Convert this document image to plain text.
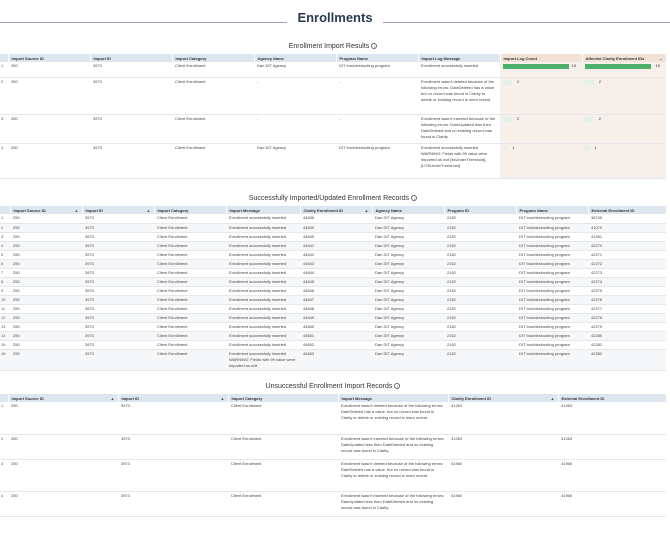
Enrollments
Enrollment Import Results i
	Import Source ID	Import ID	Import Category	Agency Name	Program Name	Import Log Message	Import Log Count	Affected Clarity Enrollment IDs ⌄

1	250	3973	Client Enrollment	Dan DIT Agency	DIT troubleshooting program	Enrollment successfully inserted	15	15

2	250	3973	Client Enrollment	-	-	Enrollment wasn't deleted because of the following errors: DateDeleted has a value, but no record was found in Clarity to delete or existing record is more recent.	2	2

3	250	3973	Client Enrollment	-	-	Enrollment wasn't inserted because of the following errors: DateUpdated less then DateDeleted and no existing record was found in Clarity.	2	2

4	250	3973	Client Enrollment	Dan DIT Agency	DIT troubleshooting program	Enrollment successfully inserted WARNING: Fields with 99 value were imported as null [ltsUnderThreshold],[LOSUnderThreshold]	1	1
Successfully Imported/Updated Enrollment Records i
	Import Source ID ▲	Import ID ▲	Import Category	Import Message	Clarity Enrollment ID ▲	Agency Name	Program ID	Program Name	External Enrollment ID
1	250	3973	Client Enrollment	Enrollment successfully inserted	44638	Dan DIT Agency	2152	DIT troubleshooting program	38745
2	250	3973	Client Enrollment	Enrollment successfully inserted	44639	Dan DIT Agency	2152	DIT troubleshooting program	41070
3	250	3973	Client Enrollment	Enrollment successfully inserted	44640	Dan DIT Agency	2152	DIT troubleshooting program	41961
4	250	3973	Client Enrollment	Enrollment successfully inserted	44641	Dan DIT Agency	2152	DIT troubleshooting program	42270
5	250	3973	Client Enrollment	Enrollment successfully inserted	44642	Dan DIT Agency	2152	DIT troubleshooting program	42271
6	250	3973	Client Enrollment	Enrollment successfully inserted	44643	Dan DIT Agency	2152	DIT troubleshooting program	42272
7	250	3973	Client Enrollment	Enrollment successfully inserted	44644	Dan DIT Agency	2152	DIT troubleshooting program	42273
8	250	3973	Client Enrollment	Enrollment successfully inserted	44645	Dan DIT Agency	2152	DIT troubleshooting program	42274
9	250	3973	Client Enrollment	Enrollment successfully inserted	44646	Dan DIT Agency	2152	DIT troubleshooting program	42275
10	250	3973	Client Enrollment	Enrollment successfully inserted	44647	Dan DIT Agency	2152	DIT troubleshooting program	42276
11	250	3973	Client Enrollment	Enrollment successfully inserted	44648	Dan DIT Agency	2152	DIT troubleshooting program	42277
12	250	3973	Client Enrollment	Enrollment successfully inserted	44649	Dan DIT Agency	2152	DIT troubleshooting program	42278
13	250	3973	Client Enrollment	Enrollment successfully inserted	44650	Dan DIT Agency	2152	DIT troubleshooting program	42279
14	250	3973	Client Enrollment	Enrollment successfully inserted	44651	Dan DIT Agency	2152	DIT troubleshooting program	42280
15	250	3973	Client Enrollment	Enrollment successfully inserted	44652	Dan DIT Agency	2152	DIT troubleshooting program	42281
16	250	3973	Client Enrollment	Enrollment successfully inserted WARNING: Fields with 99 value were imported as null	44653	Dan DIT Agency	2152	DIT troubleshooting program	42282
Unsuccessful Enrollment Import Records i
	Import Source ID ▲	Import ID ▲	Import Category	Import Message	Clarity Enrollment ID ▲	External Enrollment ID
1	250	3973	Client Enrollment	Enrollment wasn't deleted because of the following errors: DateDeleted has a value, but no record was found in Clarity to delete or existing record is more recent.	41263	41263
2	250	3973	Client Enrollment	Enrollment wasn't inserted because of the following errors: DateUpdated less then DateDeleted and no existing record was found in Clarity.	41263	41263
3	250	3973	Client Enrollment	Enrollment wasn't deleted because of the following errors: DateDeleted has a value, but no record was found in Clarity to delete or existing record is more recent.	41960	41960
4	250	3973	Client Enrollment	Enrollment wasn't inserted because of the following errors: DateUpdated less then DateDeleted and no existing record was found in Clarity.	41960	41960
